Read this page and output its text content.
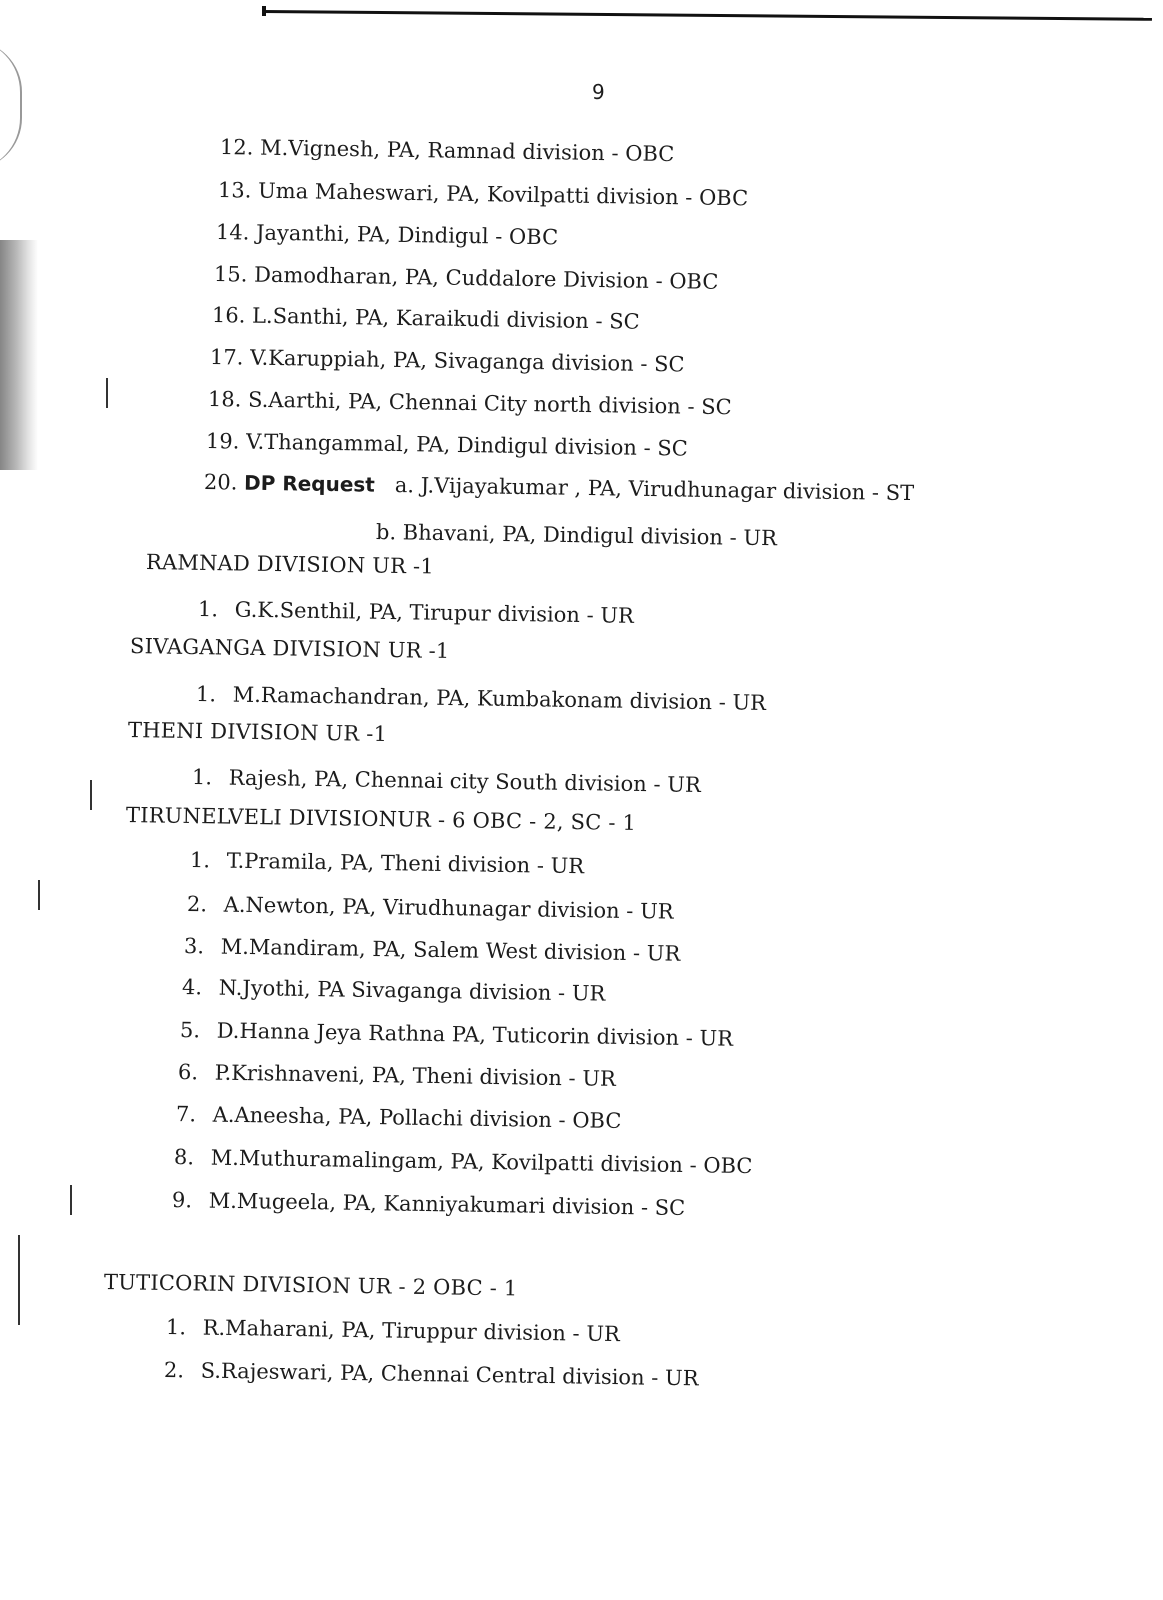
9
12. M.Vignesh, PA, Ramnad division - OBC
13. Uma Maheswari, PA, Kovilpatti division - OBC
14. Jayanthi, PA, Dindigul - OBC
15. Damodharan, PA, Cuddalore Division - OBC
16. L.Santhi, PA, Karaikudi division - SC
17. V.Karuppiah, PA, Sivaganga division - SC
18. S.Aarthi, PA, Chennai City north division - SC
19. V.Thangammal, PA, Dindigul division - SC
20. DP Request a. J.Vijayakumar , PA, Virudhunagar division - ST
b. Bhavani, PA, Dindigul division - UR
RAMNAD DIVISION UR -1
1. G.K.Senthil, PA, Tirupur division - UR
SIVAGANGA DIVISION UR -1
1. M.Ramachandran, PA, Kumbakonam division - UR
THENI DIVISION UR -1
1. Rajesh, PA, Chennai city South division - UR
TIRUNELVELI DIVISIONUR - 6 OBC - 2, SC - 1
1. T.Pramila, PA, Theni division - UR
2. A.Newton, PA, Virudhunagar division - UR
3. M.Mandiram, PA, Salem West division - UR
4. N.Jyothi, PA Sivaganga division - UR
5. D.Hanna Jeya Rathna PA, Tuticorin division - UR
6. P.Krishnaveni, PA, Theni division - UR
7. A.Aneesha, PA, Pollachi division - OBC
8. M.Muthuramalingam, PA, Kovilpatti division - OBC
9. M.Mugeela, PA, Kanniyakumari division - SC
TUTICORIN DIVISION UR - 2 OBC - 1
1. R.Maharani, PA, Tiruppur division - UR
2. S.Rajeswari, PA, Chennai Central division - UR
